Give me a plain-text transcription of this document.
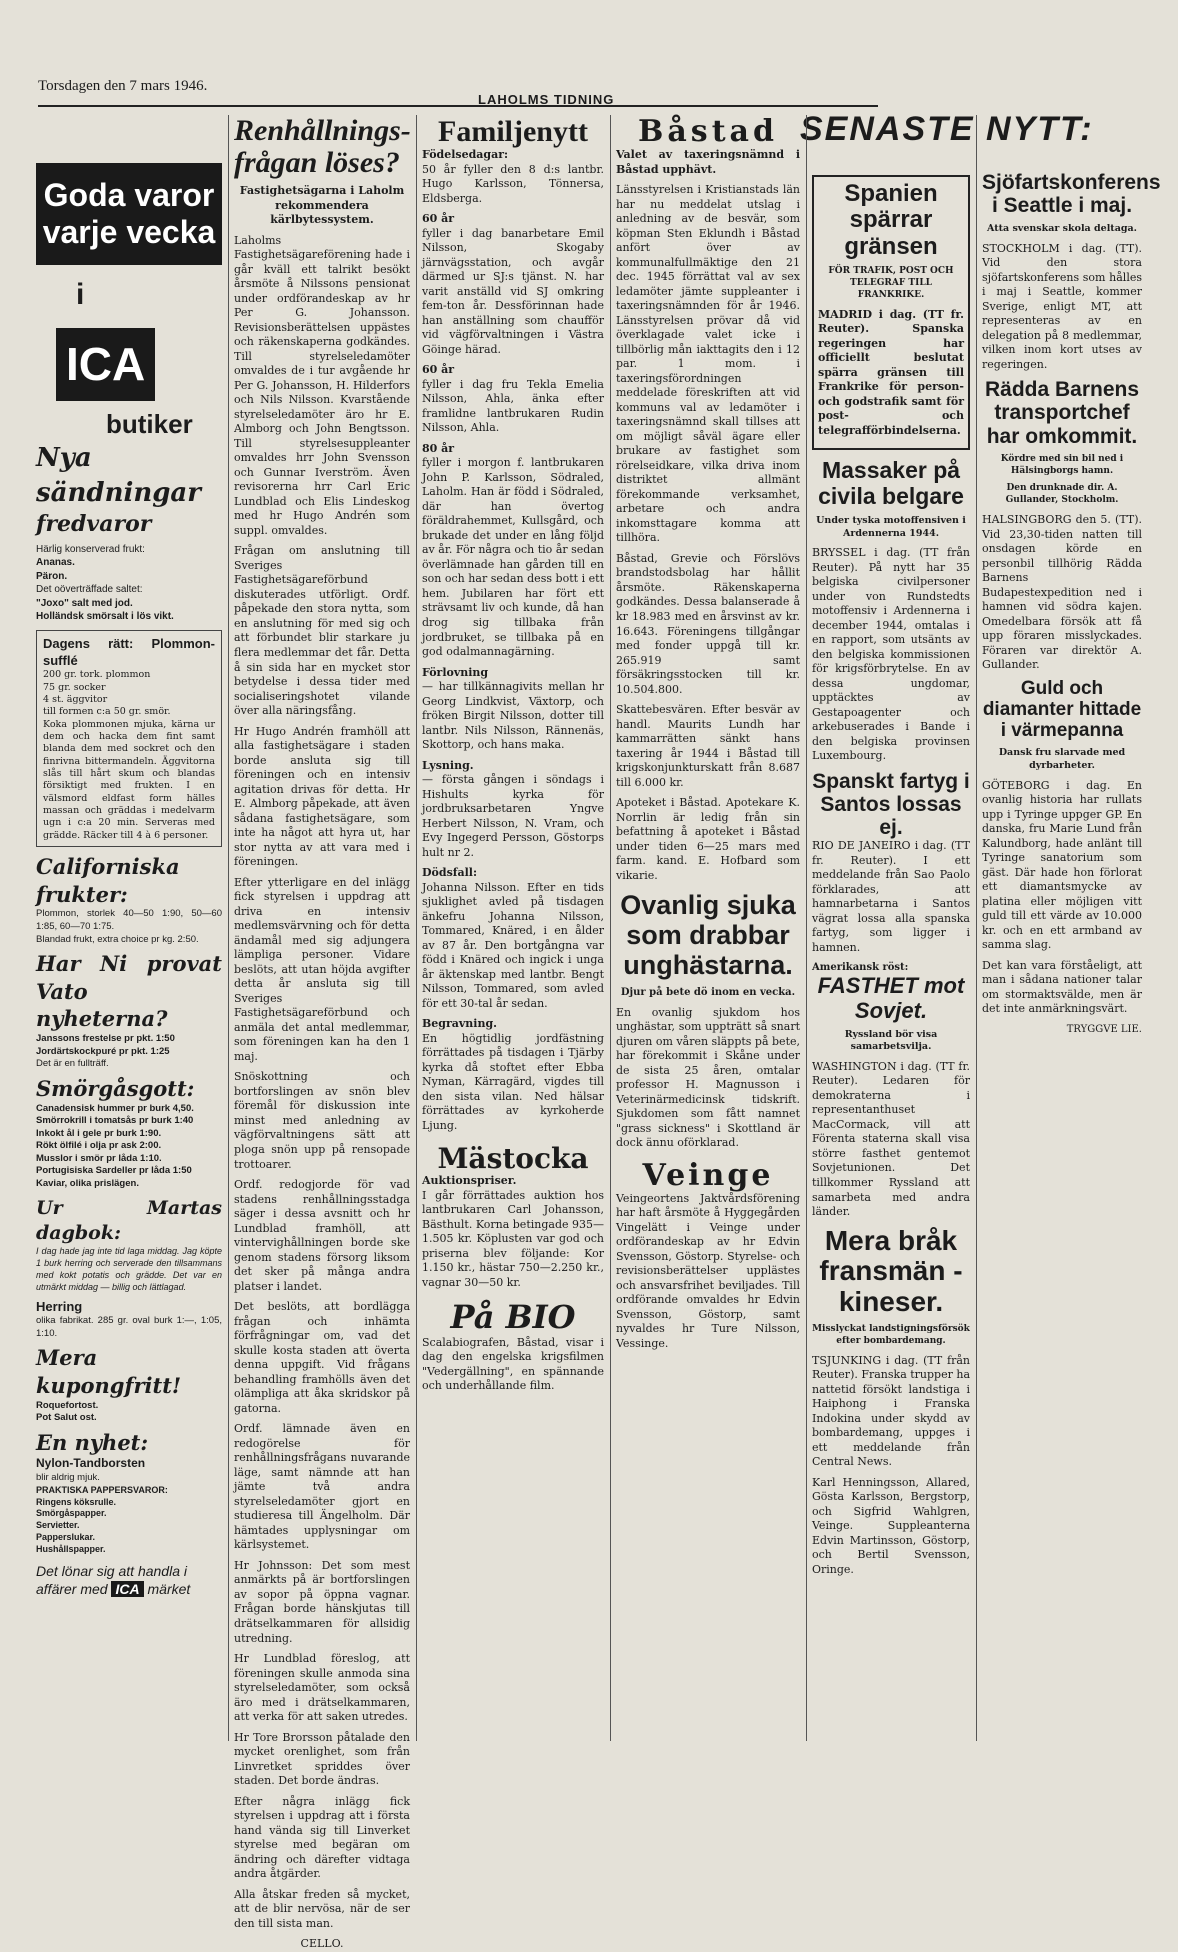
Torsdagen den 7 mars 1946.
LAHOLMS TIDNING
SENASTE NYTT:
Goda varor varje vecka
i
ICA
butiker
Nya sändningar
fredvaror
Härlig konserverad frukt:
Ananas.
Päron.
Det oöverträffade saltet:
"Joxo" salt med jod.
Holländsk smörsalt i lös vikt.
Dagens rätt: Plommon-sufflé
200 gr. tork. plommon
75 gr. socker
4 st. äggvitor
till formen c:a 50 gr. smör.
Koka plommonen mjuka, kärna ur dem och hacka dem fint samt blanda dem med sockret och den finrivna bittermandeln. Äggvitorna slås till hårt skum och blandas försiktigt med frukten. I en välsmord eldfast form hälles massan och gräddas i medelvarm ugn i c:a 20 min. Serveras med grädde. Räcker till 4 à 6 personer.
Californiska frukter:
Plommon, storlek 40—50 1:90, 50—60 1:85, 60—70 1:75.
Blandad frukt, extra choice pr kg. 2:50.
Har Ni provat Vato nyheterna?
Janssons frestelse pr pkt. 1:50
Jordärtskockpuré pr pkt. 1:25
Det är en fullträff.
Smörgåsgott:
Canadensisk hummer pr burk 4,50.
Smörrokrill i tomatsås pr burk 1:40
Inkokt ål i gele pr burk 1:90.
Rökt ölfilé i olja pr ask 2:00.
Musslor i smör pr låda 1:10.
Portugisiska Sardeller pr låda 1:50
Kaviar, olika prislägen.
Ur Martas dagbok:
I dag hade jag inte tid laga middag. Jag köpte 1 burk herring och serverade den tillsammans med kokt potatis och grädde. Det var en utmärkt middag — billig och lättlagad.
Herring
olika fabrikat. 285 gr. oval burk 1:—, 1:05, 1:10.
Mera kupongfritt!
Roquefortost.
Pot Salut ost.
En nyhet:
Nylon-Tandborsten
blir aldrig mjuk.
PRAKTISKA PAPPERSVAROR:
Ringens köksrulle.
Smörgåspapper.
Servietter.
Papperslukar.
Hushållspapper.
Det lönar sig att handla i
affärer med ICA märket
Renhållnings-frågan löses?
Fastighetsägarna i Laholm rekommendera kärlbytessystem.

Laholms Fastighetsägareförening hade i går kväll ett talrikt besökt årsmöte å Nilssons pensionat under ordförandeskap av hr Per G. Johansson. Revisionsberättelsen uppästes och räkenskaperna godkändes. Till styrelseledamöter omvaldes de i tur avgående hr Per G. Johansson, H. Hilderfors och Nils Nilsson. Kvarstående styrelseledamöter äro hr E. Almborg och John Bengtsson. Till styrelsesuppleanter omvaldes hrr John Svensson och Gunnar Iverström. Även revisorerna hrr Carl Eric Lundblad och Elis Lindeskog med hr Hugo Andrén som suppl. omvaldes.

Frågan om anslutning till Sveriges Fastighetsägareförbund diskuterades utförligt. Ordf. påpekade den stora nytta, som en anslutning för med sig och att förbundet blir starkare ju flera medlemmar det får. Detta å sin sida har en mycket stor betydelse i dessa tider med socialiseringshotet vilande över alla näringsfång.

Hr Hugo Andrén framhöll att alla fastighetsägare i staden borde ansluta sig till föreningen och en intensiv agitation drivas för detta. Hr E. Almborg påpekade, att även sådana fastighetsägare, som inte ha något att hyra ut, har stor nytta av att vara med i föreningen.

Efter ytterligare en del inlägg fick styrelsen i uppdrag att driva en intensiv medlemsvärvning och för detta ändamål med sig adjungera lämpliga personer. Vidare beslöts, att utan höjda avgifter detta år ansluta sig till Sveriges Fastighetsägareförbund och anmäla det antal medlemmar, som föreningen kan ha den 1 maj.

Snöskottning och bortforslingen av snön blev föremål för diskussion inte minst med anledning av vägförvaltningens sätt att ploga snön upp på rensopade trottoarer.

Ordf. redogjorde för vad stadens renhållningsstadga säger i dessa avsnitt och hr Lundblad framhöll, att vintervighållningen borde ske genom stadens försorg liksom det sker på många andra platser i landet.

Det beslöts, att bordlägga frågan och inhämta förfrågningar om, vad det skulle kosta staden att överta denna uppgift. Vid frågans behandling framhölls även det olämpliga att åka skridskor på gatorna.

Ordf. lämnade även en redogörelse för renhållningsfrågans nuvarande läge, samt nämnde att han jämte två andra styrelseledamöter gjort en studieresa till Ängelholm. Där hämtades upplysningar om kärlsystemet.

Hr Johnsson: Det som mest anmärkts på är bortforslingen av sopor på öppna vagnar. Frågan borde hänskjutas till drätselkammaren för allsidig utredning.

Hr Lundblad föreslog, att föreningen skulle anmoda sina styrelseledamöter, som också äro med i drätselkammaren, att verka för att saken utredes.

Hr Tore Brorsson påtalade den mycket orenlighet, som från Linvretket spriddes över staden. Det borde ändras.

Efter några inlägg fick styrelsen i uppdrag att i första hand vända sig till Linverket styrelse med begäran om ändring och därefter vidtaga andra åtgärder.

Alla åtskar freden så mycket, att de blir nervösa, när de ser den till sista man.

CELLO.

Familjenytt

Födelsedagar:
50 år fyller den 8 d:s lantbr. Hugo Karlsson, Tönnersa, Eldsberga.

60 år
fyller i dag banarbetare Emil Nilsson, Skogaby järnvägsstation, och avgår därmed ur SJ:s tjänst. N. har varit anställd vid SJ omkring fem-ton år. Dessförinnan hade han anställning som chaufför vid vägförvaltningen i Västra Göinge härad.

60 år
fyller i dag fru Tekla Emelia Nilsson, Ahla, änka efter framlidne lantbrukaren Rudin Nilsson, Ahla.

80 år
fyller i morgon f. lantbrukaren John P. Karlsson, Södraled, Laholm. Han är född i Södraled, där han övertog föräldrahemmet, Kullsgård, och brukade det under en lång följd av år. För några och tio år sedan överlämnade han gården till en son och har sedan dess bott i ett hem. Jubilaren har fört ett strävsamt liv och kunde, då han drog sig tillbaka från jordbruket, se tillbaka på en god odalmannagärning.

Förlovning
— har tillkännagivits mellan hr Georg Lindkvist, Växtorp, och fröken Birgit Nilsson, dotter till lantbr. Nils Nilsson, Rännenäs, Skottorp, och hans maka.

Lysning.
— första gången i söndags i Hishults kyrka för jordbruksarbetaren Yngve Herbert Nilsson, N. Vram, och Evy Ingegerd Persson, Göstorps hult nr 2.

Dödsfall:
Johanna Nilsson. Efter en tids sjuklighet avled på tisdagen änkefru Johanna Nilsson, Tommared, Knäred, i en ålder av 87 år. Den bortgångna var född i Knäred och ingick i unga år äktenskap med lantbr. Bengt Nilsson, Tommared, som avled för ett 30-tal år sedan.

Begravning.
En högtidlig jordfästning förrättades på tisdagen i Tjärby kyrka då stoftet efter Ebba Nyman, Kärragärd, vigdes till den sista vilan. Ned hälsar förrättades av kyrkoherde Ljung.

Mästocka

Auktionspriser.
I går förrättades auktion hos lantbrukaren Carl Johansson, Bästhult. Korna betingade 935—1.505 kr. Köplusten var god och priserna blev följande: Kor 1.150 kr., hästar 750—2.250 kr., vagnar 30—50 kr.

På BIO

Scalabiografen, Båstad, visar i dag den engelska krigsfilmen "Vedergällning", en spännande och underhållande film.

Båstad

Valet av taxeringsnämnd i Båstad upphävt.

Länsstyrelsen i Kristianstads län har nu meddelat utslag i anledning av de besvär, som köpman Sten Eklundh i Båstad anfört över av kommunalfullmäktige den 21 dec. 1945 förrättat val av sex ledamöter jämte suppleanter i taxeringsnämnden för år 1946. Länsstyrelsen prövar då vid överklagade valet icke i tillbörlig mån iakttagits den i 12 par. 1 mom. i taxeringsförordningen meddelade föreskriften att vid kommuns val av ledamöter i taxeringsnämnd skall tillses att om möjligt såväl ägare eller brukare av fastighet som rörelseidkare, vilka driva inom distriktet allmänt förekommande verksamhet, arbetare och andra inkomsttagare komma att tillhöra.

Båstad, Grevie och Förslövs brandstodsbolag har hållit årsmöte. Räkenskaperna godkändes. Dessa balanserade å kr 18.983 med en årsvinst av kr. 16.643. Föreningens tillgångar med fonder uppgå till kr. 265.919 samt försäkringsstocken till kr. 10.504.800.

Skattebesvären. Efter besvär av handl. Maurits Lundh har kammarrätten sänkt hans taxering år 1944 i Båstad till krigskonjunkturskatt från 8.687 till 6.000 kr.

Apoteket i Båstad. Apotekare K. Norrlin är ledig från sin befattning å apoteket i Båstad under tiden 6—25 mars med farm. kand. E. Hofbard som vikarie.

Ovanlig sjuka som drabbar unghästarna.
Djur på bete dö inom en vecka.

En ovanlig sjukdom hos unghästar, som uppträtt så snart djuren om våren släppts på bete, har förekommit i Skåne under de sista 25 åren, omtalar professor H. Magnusson i Veterinärmedicinsk tidskrift. Sjukdomen som fått namnet "grass sickness" i Skottland är dock ännu oförklarad.

Veinge

Veingeortens Jaktvårdsförening har haft årsmöte å Hyggegården Vingelätt i Veinge under ordförandeskap av hr Edvin Svensson, Göstorp. Styrelse- och revisionsberättelser upplästes och ansvarsfrihet beviljades. Till ordförande omvaldes hr Edvin Svensson, Göstorp, samt nyvaldes hr Ture Nilsson, Vessinge.

Spanien spärrar gränsen
FÖR TRAFIK, POST OCH TELEGRAF TILL FRANKRIKE.

MADRID i dag. (TT fr. Reuter). Spanska regeringen har officiellt beslutat spärra gränsen till Frankrike för person- och godstrafik samt för post- och telegrafförbindelserna.

Massaker på civila belgare
Under tyska motoffensiven i Ardennerna 1944.

BRYSSEL i dag. (TT från Reuter). På nytt har 35 belgiska civilpersoner under von Rundstedts motoffensiv i Ardennerna i december 1944, omtalas i en rapport, som utsänts av den belgiska kommissionen för krigsförbrytelse. En av dessa ungdomar, upptäcktes av Gestapoagenter och arkebuserades i Bande i den belgiska provinsen Luxembourg.

Spanskt fartyg i Santos lossas ej.

RIO DE JANEIRO i dag. (TT fr. Reuter). I ett meddelande från Sao Paolo förklarades, att hamnarbetarna i Santos vägrat lossa alla spanska fartyg, som ligger i hamnen.

Amerikansk röst:
FASTHET mot Sovjet.
Ryssland bör visa samarbetsvilja.

WASHINGTON i dag. (TT fr. Reuter). Ledaren för demokraterna i representanthuset MacCormack, vill att Förenta staterna skall visa större fasthet gentemot Sovjetunionen. Det tillkommer Ryssland att samarbeta med andra länder.

Mera bråk fransmän - kineser.
Misslyckat landstigningsförsök efter bombardemang.

TSJUNKING i dag. (TT från Reuter). Franska trupper ha nattetid försökt landstiga i Haiphong i Franska Indokina under skydd av bombardemang, uppges i ett meddelande från Central News.

Karl Henningsson, Allared, Gösta Karlsson, Bergstorp, och Sigfrid Wahlgren, Veinge. Suppleanterna Edvin Martinsson, Göstorp, och Bertil Svensson, Oringe.

Sjöfartskonferens i Seattle i maj.
Atta svenskar skola deltaga.

STOCKHOLM i dag. (TT). Vid den stora sjöfartskonferens som hålles i maj i Seattle, kommer Sverige, enligt MT, att representeras av en delegation på 8 medlemmar, vilken inom kort utses av regeringen.

Rädda Barnens transportchef har omkommit.
Kördre med sin bil ned i Hälsingborgs hamn.
Den drunknade dir. A. Gullander, Stockholm.

HALSINGBORG den 5. (TT). Vid 23,30-tiden natten till onsdagen körde en personbil tillhörig Rädda Barnens Budapestexpedition ned i hamnen vid södra kajen. Omedelbara försök att få upp föraren misslyckades. Föraren var direktör A. Gullander.

Guld och diamanter hittade i värmepanna
Dansk fru slarvade med dyrbarheter.

GÖTEBORG i dag. En ovanlig historia har rullats upp i Tyringe uppger GP. En danska, fru Marie Lund från Kalundborg, hade anlänt till Tyringe sanatorium som gäst. Där hade hon förlorat ett diamantsmycke av platina eller möjligen vitt guld till ett värde av 10.000 kr. och en ett armband av samma slag.

Det kan vara förståeligt, att man i sådana nationer talar om stormaktsvälde, men är det inte anmärkningsvärt.

TRYGGVE LIE.
